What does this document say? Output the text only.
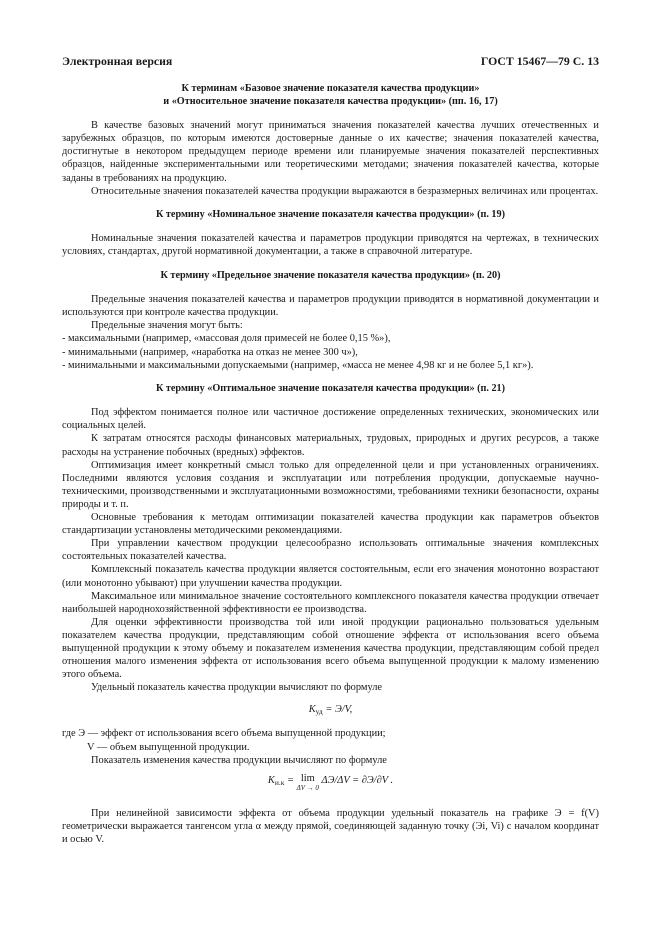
Электронная версия	ГОСТ 15467—79 С. 13
К терминам «Базовое значение показателя качества продукции»
и «Относительное значение показателя качества продукции» (пп. 16, 17)

В качестве базовых значений могут приниматься значения показателей качества лучших отечественных и зарубежных образцов, по которым имеются достоверные данные о их качестве; значения показателей качества, достигнутые в некотором предыдущем периоде времени или планируемые значения показателей перспективных образцов, найденные экспериментальными или теоретическими методами; значения показателей качества, которые заданы в требованиях на продукцию.

Относительные значения показателей качества продукции выражаются в безразмерных величинах или процентах.

К термину «Номинальное значение показателя качества продукции» (п. 19)

Номинальные значения показателей качества и параметров продукции приводятся на чертежах, в технических условиях, стандартах, другой нормативной документации, а также в справочной литературе.

К термину «Предельное значение показателя качества продукции» (п. 20)

Предельные значения показателей качества и параметров продукции приводятся в нормативной документации и используются при контроле качества продукции.

Предельные значения могут быть:

- максимальными (например, «массовая доля примесей не более 0,15 %»),

- минимальными (например, «наработка на отказ не менее 300 ч»),

- минимальными и максимальными допускаемыми (например, «масса не менее 4,98 кг и не более 5,1 кг»).

К термину «Оптимальное значение показателя качества продукции» (п. 21)

Под эффектом понимается полное или частичное достижение определенных технических, экономических или социальных целей.

К затратам относятся расходы финансовых материальных, трудовых, природных и других ресурсов, а также расходы на устранение побочных (вредных) эффектов.

Оптимизация имеет конкретный смысл только для определенной цели и при установленных ограничениях. Последними являются условия создания и эксплуатации или потребления продукции, допускаемые научно-техническими, производственными и эксплуатационными возможностями, требованиями техники безопасности, охраны природы и т. п.

Основные требования к методам оптимизации показателей качества продукции как параметров объектов стандартизации установлены методическими рекомендациями.

При управлении качеством продукции целесообразно использовать оптимальные значения комплексных состоятельных показателей качества.

Комплексный показатель качества продукции является состоятельным, если его значения монотонно возрастают (или монотонно убывают) при улучшении качества продукции.

Максимальное или минимальное значение состоятельного комплексного показателя качества продукции отвечает наибольшей народнохозяйственной эффективности ее производства.

Для оценки эффективности производства той или иной продукции рационально пользоваться удельным показателем качества продукции, представляющим собой отношение эффекта от использования всего объема выпущенной продукции к этому объему и показателем изменения качества продукции, представляющим собой предел отношения малого изменения эффекта от использования всего объема выпущенной продукции к малому изменению этого объема.

Удельный показатель качества продукции вычисляют по формуле

$K_{уд} = Э/V$,

где Э — эффект от использования всего объема выпущенной продукции;

V — объем выпущенной продукции.

Показатель изменения качества продукции вычисляют по формуле

$K_{и.к} = \lim$
ΔV → 0 ΔЭ/ΔV = ∂Э/∂V .

При нелинейной зависимости эффекта от объема продукции удельный показатель на графике Э = f(V) геометрически выражается тангенсом угла α между прямой, соединяющей заданную точку (Эi, Vi) с началом координат и осью V.
